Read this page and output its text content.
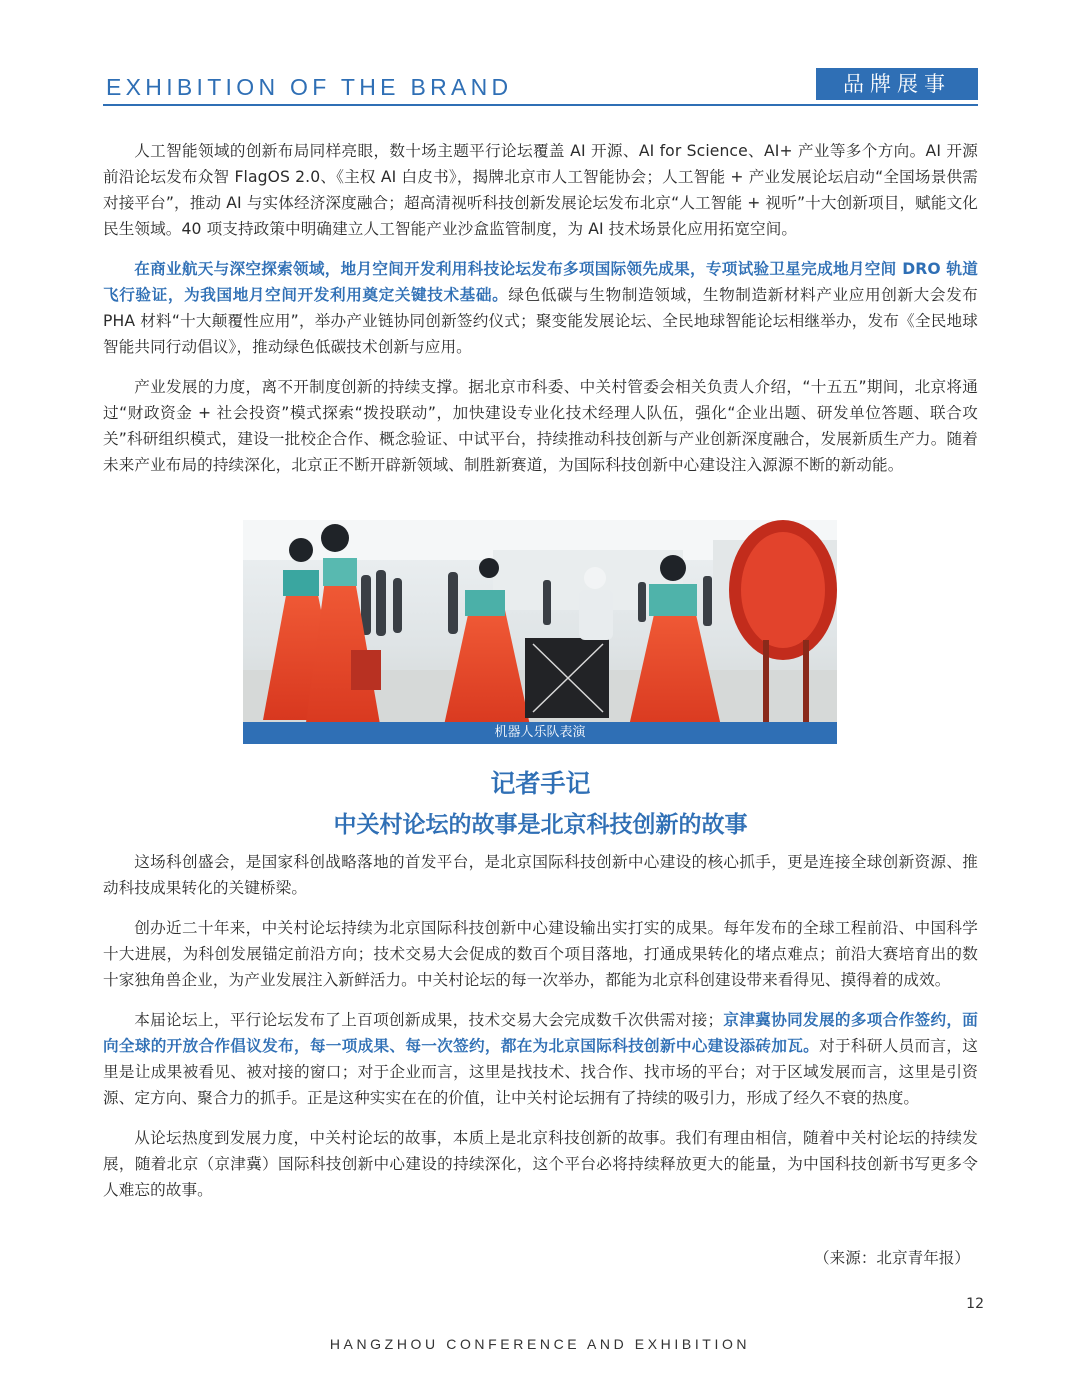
EXHIBITION OF THE BRAND	品牌展事

人工智能领域的创新布局同样亮眼，数十场主题平行论坛覆盖 AI 开源、AI for Science、AI+ 产业等多个方向。AI 开源前沿论坛发布众智 FlagOS 2.0、《主权 AI 白皮书》，揭牌北京市人工智能协会；人工智能 + 产业发展论坛启动“全国场景供需对接平台”，推动 AI 与实体经济深度融合；超高清视听科技创新发展论坛发布北京“人工智能 + 视听”十大创新项目，赋能文化民生领域。40 项支持政策中明确建立人工智能产业沙盒监管制度，为 AI 技术场景化应用拓宽空间。

在商业航天与深空探索领域，地月空间开发利用科技论坛发布多项国际领先成果，专项试验卫星完成地月空间 DRO 轨道飞行验证，为我国地月空间开发利用奠定关键技术基础。绿色低碳与生物制造领域，生物制造新材料产业应用创新大会发布 PHA 材料“十大颠覆性应用”，举办产业链协同创新签约仪式；聚变能发展论坛、全民地球智能论坛相继举办，发布《全民地球智能共同行动倡议》，推动绿色低碳技术创新与应用。

产业发展的力度，离不开制度创新的持续支撑。据北京市科委、中关村管委会相关负责人介绍，“十五五”期间，北京将通过“财政资金 + 社会投资”模式探索“拨投联动”，加快建设专业化技术经理人队伍，强化“企业出题、研发单位答题、联合攻关”科研组织模式，建设一批校企合作、概念验证、中试平台，持续推动科技创新与产业创新深度融合，发展新质生产力。随着未来产业布局的持续深化，北京正不断开辟新领域、制胜新赛道，为国际科技创新中心建设注入源源不断的新动能。

机器人乐队表演
记者手记
中关村论坛的故事是北京科技创新的故事

这场科创盛会，是国家科创战略落地的首发平台，是北京国际科技创新中心建设的核心抓手，更是连接全球创新资源、推动科技成果转化的关键桥梁。

创办近二十年来，中关村论坛持续为北京国际科技创新中心建设输出实打实的成果。每年发布的全球工程前沿、中国科学十大进展，为科创发展锚定前沿方向；技术交易大会促成的数百个项目落地，打通成果转化的堵点难点；前沿大赛培育出的数十家独角兽企业，为产业发展注入新鲜活力。中关村论坛的每一次举办，都能为北京科创建设带来看得见、摸得着的成效。

本届论坛上，平行论坛发布了上百项创新成果，技术交易大会完成数千次供需对接；京津冀协同发展的多项合作签约，面向全球的开放合作倡议发布，每一项成果、每一次签约，都在为北京国际科技创新中心建设添砖加瓦。对于科研人员而言，这里是让成果被看见、被对接的窗口；对于企业而言，这里是找技术、找合作、找市场的平台；对于区域发展而言，这里是引资源、定方向、聚合力的抓手。正是这种实实在在的价值，让中关村论坛拥有了持续的吸引力，形成了经久不衰的热度。

从论坛热度到发展力度，中关村论坛的故事，本质上是北京科技创新的故事。我们有理由相信，随着中关村论坛的持续发展，随着北京（京津冀）国际科技创新中心建设的持续深化，这个平台必将持续释放更大的能量，为中国科技创新书写更多令人难忘的故事。

（来源：北京青年报）
12
HANGZHOU CONFERENCE AND EXHIBITION
